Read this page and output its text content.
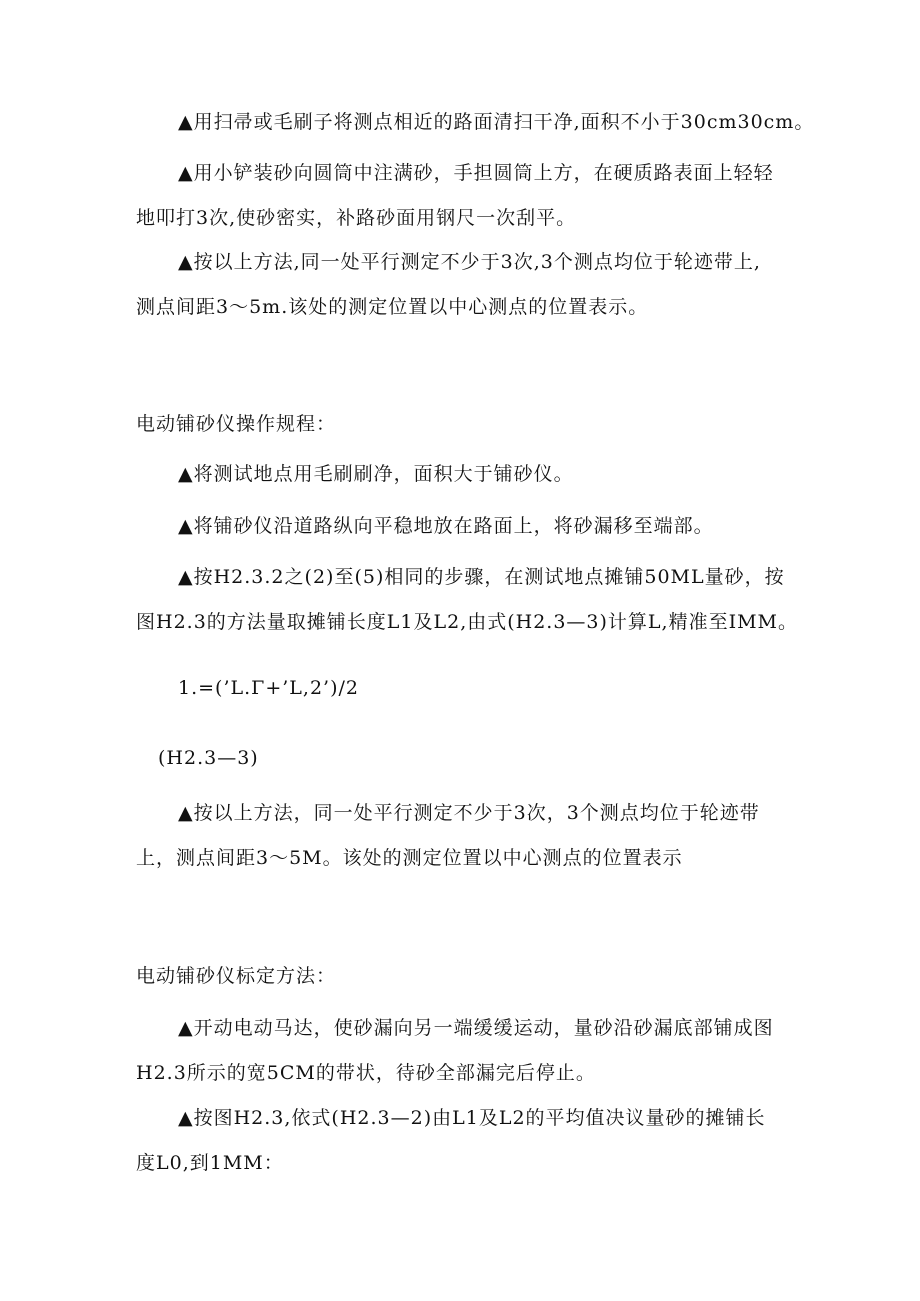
▲用扫帚或毛刷子将测点相近的路面清扫干净,面积不小于30cm30cm。
▲用小铲装砂向圆筒中注满砂，手担圆筒上方，在硬质路表面上轻轻
地叩打3次,使砂密实，补路砂面用钢尺一次刮平。
▲按以上方法,同一处平行测定不少于3次,3个测点均位于轮迹带上,
测点间距3～5m.该处的测定位置以中心测点的位置表示。
电动铺砂仪操作规程：
▲将测试地点用毛刷刷净，面积大于铺砂仪。
▲将铺砂仪沿道路纵向平稳地放在路面上，将砂漏移至端部。
▲按H2.3.2之(2)至(5)相同的步骤，在测试地点摊铺50ML量砂，按
图H2.3的方法量取摊铺长度L1及L2,由式(H2.3—3)计算L,精准至IMM。
1.=(’L.Γ+’L,2’)/2
(H2.3—3)
▲按以上方法，同一处平行测定不少于3次，3个测点均位于轮迹带
上，测点间距3～5M。该处的测定位置以中心测点的位置表示
电动铺砂仪标定方法：
▲开动电动马达，使砂漏向另一端缓缓运动，量砂沿砂漏底部铺成图
H2.3所示的宽5CM的带状，待砂全部漏完后停止。
▲按图H2.3,依式(H2.3—2)由L1及L2的平均值决议量砂的摊铺长
度L0,到1MM：
